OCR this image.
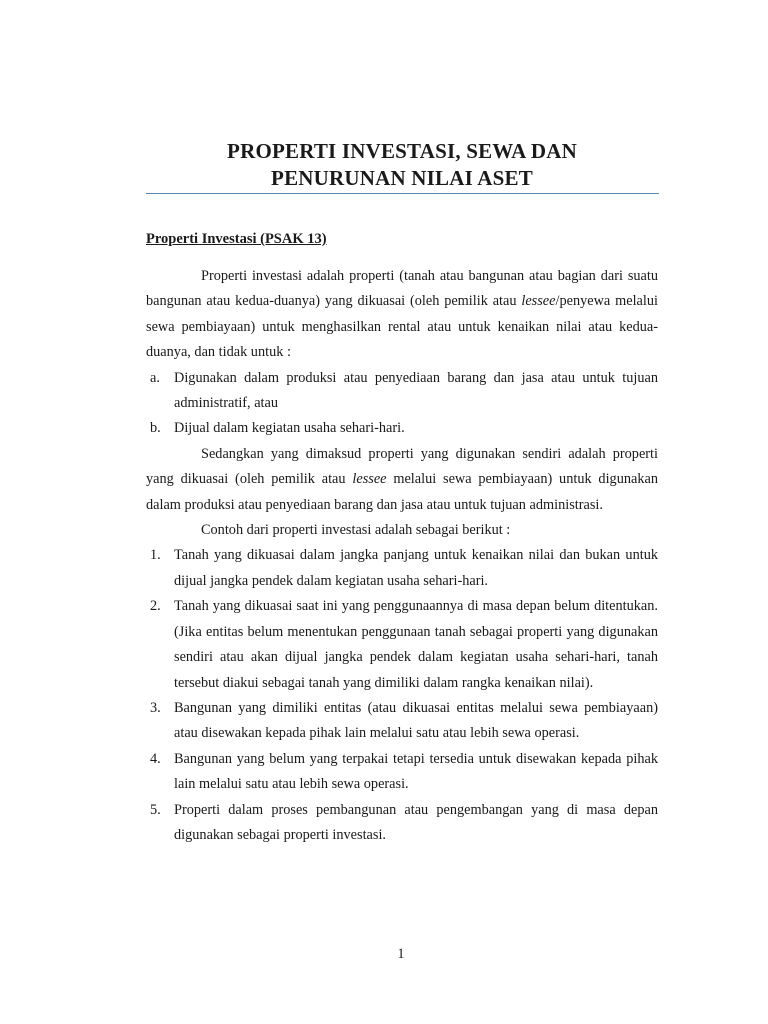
PROPERTI INVESTASI, SEWA DAN
PENURUNAN NILAI ASET
Properti Investasi (PSAK 13)

Properti investasi adalah properti (tanah atau bangunan atau bagian dari suatu bangunan atau kedua-duanya) yang dikuasai (oleh pemilik atau lessee/penyewa melalui sewa pembiayaan) untuk menghasilkan rental atau untuk kenaikan nilai atau kedua-duanya, dan tidak untuk :

a. Digunakan dalam produksi atau penyediaan barang dan jasa atau untuk tujuan administratif, atau
b. Dijual dalam kegiatan usaha sehari-hari.

Sedangkan yang dimaksud properti yang digunakan sendiri adalah properti yang dikuasai (oleh pemilik atau lessee melalui sewa pembiayaan) untuk digunakan dalam produksi atau penyediaan barang dan jasa atau untuk tujuan administrasi.

Contoh dari properti investasi adalah sebagai berikut :

1. Tanah yang dikuasai dalam jangka panjang untuk kenaikan nilai dan bukan untuk dijual jangka pendek dalam kegiatan usaha sehari-hari.
2. Tanah yang dikuasai saat ini yang penggunaannya di masa depan belum ditentukan. (Jika entitas belum menentukan penggunaan tanah sebagai properti yang digunakan sendiri atau akan dijual jangka pendek dalam kegiatan usaha sehari-hari, tanah tersebut diakui sebagai tanah yang dimiliki dalam rangka kenaikan nilai).
3. Bangunan yang dimiliki entitas (atau dikuasai entitas melalui sewa pembiayaan) atau disewakan kepada pihak lain melalui satu atau lebih sewa operasi.
4. Bangunan yang belum yang terpakai tetapi tersedia untuk disewakan kepada pihak lain melalui satu atau lebih sewa operasi.
5. Properti dalam proses pembangunan atau pengembangan yang di masa depan digunakan sebagai properti investasi.
1
